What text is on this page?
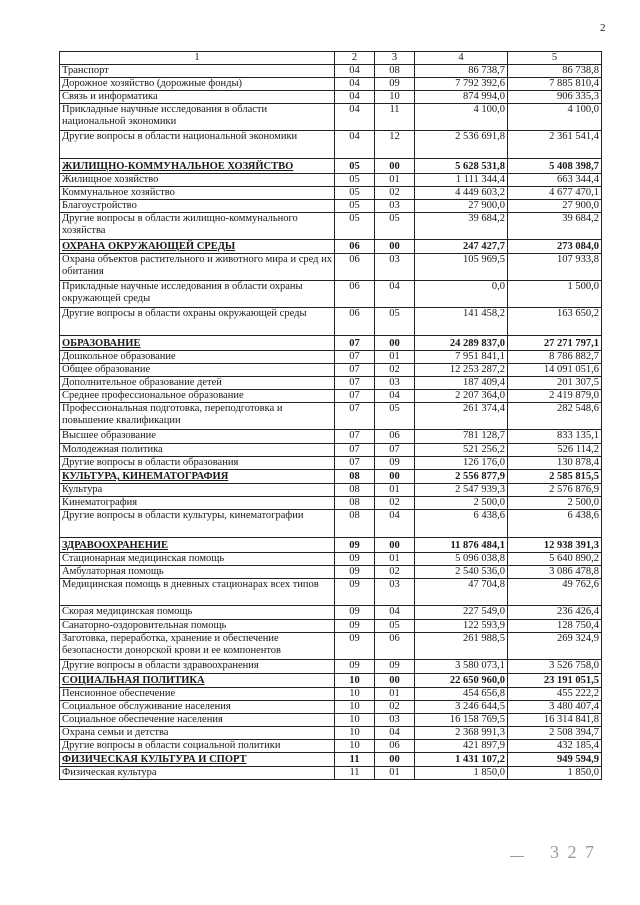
2
1	2	3	4	5
Транспорт	04	08	86 738,7	86 738,8
Дорожное хозяйство (дорожные фонды)	04	09	7 792 392,6	7 885 810,4
Связь и информатика	04	10	874 994,0	906 335,3
Прикладные научные исследования в области национальной экономики	04	11	4 100,0	4 100,0
Другие вопросы в области национальной экономики	04	12	2 536 691,8	2 361 541,4
ЖИЛИЩНО-КОММУНАЛЬНОЕ ХОЗЯЙСТВО	05	00	5 628 531,8	5 408 398,7
Жилищное хозяйство	05	01	1 111 344,4	663 344,4
Коммунальное хозяйство	05	02	4 449 603,2	4 677 470,1
Благоустройство	05	03	27 900,0	27 900,0
Другие вопросы в области жилищно-коммунального хозяйства	05	05	39 684,2	39 684,2
ОХРАНА ОКРУЖАЮЩЕЙ СРЕДЫ	06	00	247 427,7	273 084,0
Охрана объектов растительного и животного мира и сред их обитания	06	03	105 969,5	107 933,8
Прикладные научные исследования в области охраны окружающей среды	06	04	0,0	1 500,0
Другие вопросы в области охраны окружающей среды	06	05	141 458,2	163 650,2
ОБРАЗОВАНИЕ	07	00	24 289 837,0	27 271 797,1
Дошкольное образование	07	01	7 951 841,1	8 786 882,7
Общее образование	07	02	12 253 287,2	14 091 051,6
Дополнительное образование детей	07	03	187 409,4	201 307,5
Среднее профессиональное образование	07	04	2 207 364,0	2 419 879,0
Профессиональная подготовка, переподготовка и повышение квалификации	07	05	261 374,4	282 548,6
Высшее образование	07	06	781 128,7	833 135,1
Молодежная политика	07	07	521 256,2	526 114,2
Другие вопросы в области образования	07	09	126 176,0	130 878,4
КУЛЬТУРА, КИНЕМАТОГРАФИЯ	08	00	2 556 877,9	2 585 815,5
Культура	08	01	2 547 939,3	2 576 876,9
Кинематография	08	02	2 500,0	2 500,0
Другие вопросы в области культуры, кинематографии	08	04	6 438,6	6 438,6
ЗДРАВООХРАНЕНИЕ	09	00	11 876 484,1	12 938 391,3
Стационарная медицинская помощь	09	01	5 096 038,8	5 640 890,2
Амбулаторная помощь	09	02	2 540 536,0	3 086 478,8
Медицинская помощь в дневных стационарах всех типов	09	03	47 704,8	49 762,6
Скорая медицинская помощь	09	04	227 549,0	236 426,4
Санаторно-оздоровительная помощь	09	05	122 593,9	128 750,4
Заготовка, переработка, хранение и обеспечение безопасности донорской крови и ее компонентов	09	06	261 988,5	269 324,9
Другие вопросы в области здравоохранения	09	09	3 580 073,1	3 526 758,0
СОЦИАЛЬНАЯ ПОЛИТИКА	10	00	22 650 960,0	23 191 051,5
Пенсионное обеспечение	10	01	454 656,8	455 222,2
Социальное обслуживание населения	10	02	3 246 644,5	3 480 407,4
Социальное обеспечение населения	10	03	16 158 769,5	16 314 841,8
Охрана семьи и детства	10	04	2 368 991,3	2 508 394,7
Другие вопросы в области социальной политики	10	06	421 897,9	432 185,4
ФИЗИЧЕСКАЯ КУЛЬТУРА И СПОРТ	11	00	1 431 107,2	949 594,9
Физическая культура	11	01	1 850,0	1 850,0
3 2 7
